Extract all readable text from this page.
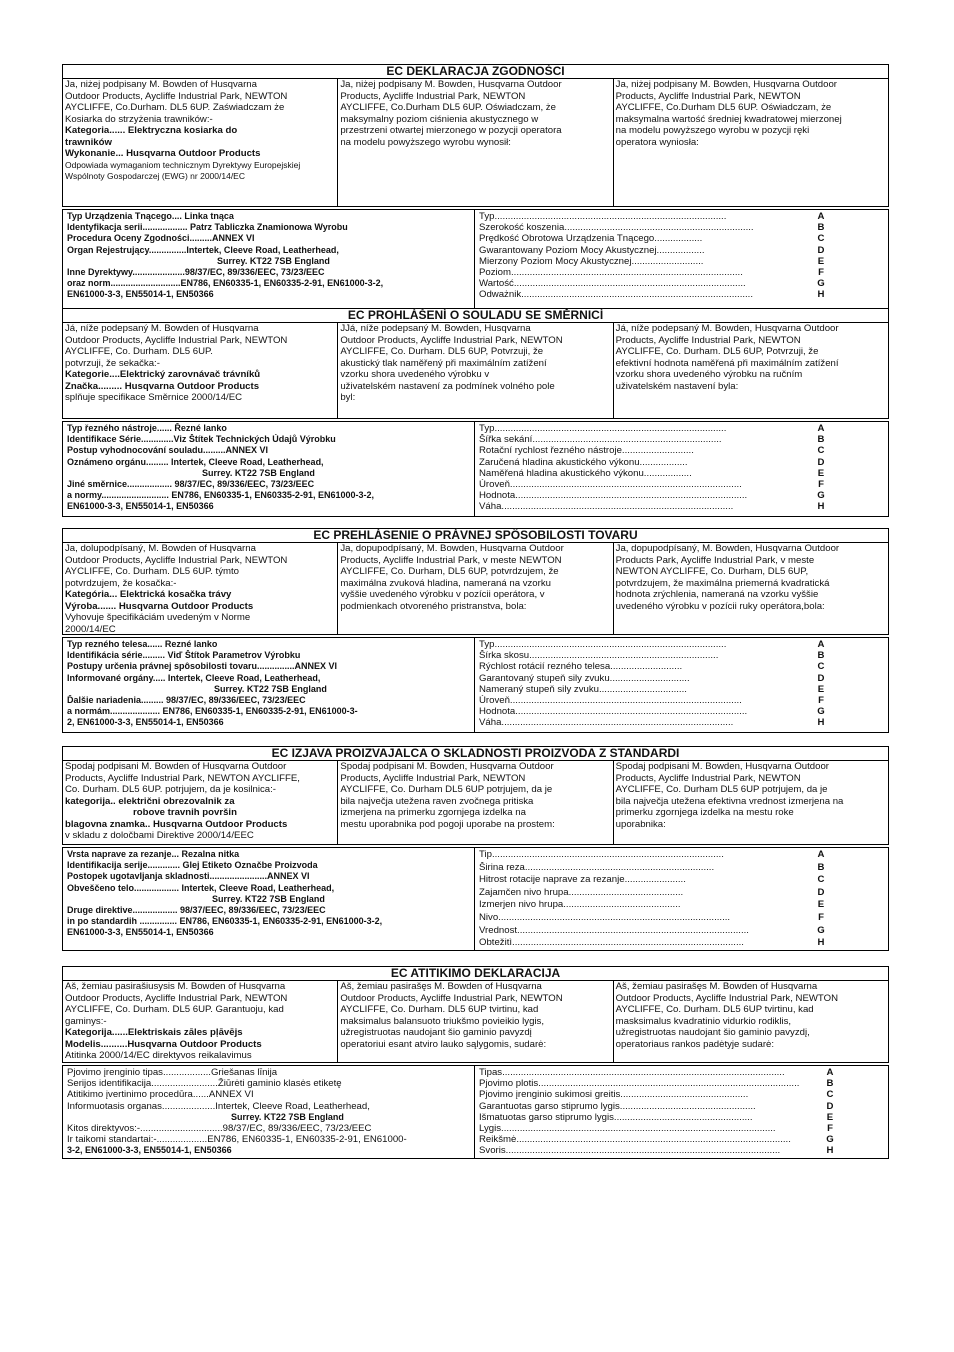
EC DEKLARACJA ZGODNOŚCI
Ja, niżej podpisany M. Bowden of Husqvarna
Outdoor Products, Aycliffe Industrial Park, NEWTON
AYCLIFFE, Co.Durham. DL5 6UP. Zaświadczam że
Kosiarka do strzyżenia trawników:-
Kategoria...... Elektryczna kosiarka do
trawników
Wykonanie... Husqvarna Outdoor Products
Odpowiada wymaganiom technicznym Dyrektywy Europejskiej
Wspólnoty Gospodarczej (EWG) nr 2000/14/EC
Ja, niżej podpisany M. Bowden, Husqvarna Outdoor
Products, Aycliffe Industrial Park, NEWTON
AYCLIFFE, Co.Durham DL5 6UP. Oświadczam, że
maksymalny poziom ciśnienia akustycznego w
przestrzeni otwartej mierzonego w pozycji operatora
na modelu powyższego wyrobu wynosił:
Ja, niżej podpisany M. Bowden, Husqvarna Outdoor
Products, Aycliffe Industrial Park, NEWTON
AYCLIFFE, Co.Durham DL5 6UP. Oświadczam, że
maksymalna wartość średniej kwadratowej mierzonej
na modelu powyższego wyrobu w pozycji ręki
operatora wyniosła:
Typ Urządzenia Tnącego.... Linka tnąca
Identyfikacja serii.................. Patrz Tabliczka Znamionowa Wyrobu
Procedura Oceny Zgodności.........ANNEX VI
Organ Rejestrujący...............Intertek, Cleeve Road, Leatherhead,
Surrey. KT22 7SB England
Inne Dyrektywy.....................98/37/EC, 89/336/EEC, 73/23/EEC
oraz norm............................EN786, EN60335-1, EN60335-2-91, EN61000-3-2,
EN61000-3-3, EN55014-1, EN50366
Typ.......................................................................................	A
Szerokość koszenia.......................................................................	B
Prędkość Obrotowa Urządzenia Tnącego..................	C
Gwarantowany Poziom Mocy Akustycznej..................	D
Mierzony Poziom Mocy Akustycznej...........................	E
Poziom.......................................................................................	F
Wartość.......................................................................................	G
Odważnik.......................................................................................	H
EC PROHLÁŠENÍ O SOULADU SE SMĚRNICÍ
Já, níže podepsaný M. Bowden of Husqvarna
Outdoor Products, Aycliffe Industrial Park, NEWTON
AYCLIFFE, Co. Durham. DL5 6UP.
potvrzuji, že sekačka:-
Kategorie....Elektrický zarovnávač trávníků
Značka......... Husqvarna Outdoor Products
splňuje specifikace Směrnice 2000/14/EC
JJá, níže podepsaný M. Bowden, Husqvarna
Outdoor Products, Aycliffe Industrial Park, NEWTON
AYCLIFFE, Co. Durham. DL5 6UP, Potvrzuji, že
akustický tlak naměřený při maximálním zatížení
vzorku shora uvedeného výrobku v
uživatelském nastavení za podmínek volného pole
byl:
Já, níže podepsaný M. Bowden, Husqvarna Outdoor
Products, Aycliffe Industrial Park, NEWTON
AYCLIFFE, Co. Durham. DL5 6UP, Potvrzuji, že
efektivní hodnota naměřená při maximálním zatížení
vzorku shora uvedeného výrobku na ručním
uživatelském nastavení byla:
Typ řezného nástroje...... Řezné lanko
Identifikace Série.............Viz Štítek Technických Údajů Výrobku
Postup vyhodnocování souladu.........ANNEX VI
Oznámeno orgánu......... Intertek, Cleeve Road, Leatherhead,
Surrey. KT22 7SB England
Jiné směrnice.................. 98/37/EC, 89/336/EEC, 73/23/EEC
a normy........................... EN786, EN60335-1, EN60335-2-91, EN61000-3-2,
EN61000-3-3, EN55014-1, EN50366
Typ.......................................................................................	A
Šířka sekání.......................................................................	B
Rotační rychlost řezného nástroje...........................	C
Zaručená hladina akustického výkonu..................	D
Naměřená hladina akustického výkonu..................	E
Úroveň.......................................................................................	F
Hodnota.......................................................................................	G
Váha.......................................................................................	H
EC PREHLÁSENIE O PRÁVNEJ SPÔSOBILOSTI TOVARU
Ja, dolupodpísaný, M. Bowden of Husqvarna
Outdoor Products, Aycliffe Industrial Park, NEWTON
AYCLIFFE, Co. Durham. DL5 6UP. týmto
potvrdzujem, že kosačka:-
Kategória... Elektrická kosačka trávy
Výroba....... Husqvarna Outdoor Products
Vyhovuje špecifikáciám uvedeným v Norme
2000/14/EC
Ja, dopupodpísaný, M. Bowden, Husqvarna Outdoor
Products, Aycliffe Industrial Park, v meste NEWTON
AYCLIFFE, Co. Durham, DL5 6UP, potvrdzujem, že
maximálna zvuková hladina, nameraná na vzorku
vyššie uvedeného výrobku v pozícii operátora, v
podmienkach otvoreného pristranstva, bola:
Ja, dopupodpísaný, M. Bowden, Husqvarna Outdoor
Products Park, Aycliffe Industrial Park, v meste
NEWTON AYCLIFFE, Co. Durham, DL5 6UP,
potvrdzujem, že maximálna priemerná kvadratická
hodnota zrýchlenia, nameraná na vzorku vyššie
uvedeného výrobku v pozícii ruky operátora,bola:
Typ rezného telesa...... Rezné lanko
Identifikácia série......... Viď Štítok Parametrov Výrobku
Postupy určenia právnej spôsobilosti tovaru...............ANNEX VI
Informované orgány..... Intertek, Cleeve Road, Leatherhead,
Surrey. KT22 7SB England
Ďalšie nariadenia......... 98/37/EC, 89/336/EEC, 73/23/EEC
a normám.................... EN786, EN60335-1, EN60335-2-91, EN61000-3-
2, EN61000-3-3, EN55014-1, EN50366
Typ.......................................................................................	A
Šírka skosu.......................................................................	B
Rýchlost rotácií rezného telesa...........................	C
Garantovaný stupeň sily zvuku..............................	D
Nameraný stupeň sily zvuku.................................	E
Úroveň.......................................................................................	F
Hodnota.......................................................................................	G
Váha.......................................................................................	H
EC IZJAVA PROIZVAJALCA O SKLADNOSTI PROIZVODA Z STANDARDI
Spodaj podpisani M. Bowden of Husqvarna Outdoor
Products, Aycliffe Industrial Park, NEWTON AYCLIFFE,
Co. Durham. DL5 6UP. potrjujem, da je kosilnica:-
kategorija.. električni obrezovalnik za
robove travnih površin
blagovna znamka.. Husqvarna Outdoor Products
v skladu z določbami Direktive 2000/14/EEC
Spodaj podpisani M. Bowden, Husqvarna Outdoor
Products, Aycliffe Industrial Park, NEWTON
AYCLIFFE, Co. Durham DL5 6UP potrjujem, da je
bila največja utežena raven zvočnega pritiska
izmerjena na primerku zgornjega izdelka na
mestu uporabnika pod pogoji uporabe na prostem:
Spodaj podpisani M. Bowden, Husqvarna Outdoor
Products, Aycliffe Industrial Park, NEWTON
AYCLIFFE, Co. Durham DL5 6UP potrjujem, da je
bila največja utežena efektivna vrednost izmerjena na
primerku zgornjega izdelka na mestu roke
uporabnika:
Vrsta naprave za rezanje... Rezalna nitka
Identifikacija serije............. Glej Etiketo Označbe Proizvoda
Postopek ugotavljanja skladnosti.......................ANNEX VI
Obveščeno telo.................. Intertek, Cleeve Road, Leatherhead,
Surrey. KT22 7SB England
Druge direktive.................. 98/37/EEC, 89/336/EEC, 73/23/EEC
in po standardih ............... EN786, EN60335-1, EN60335-2-91, EN61000-3-2,
EN61000-3-3, EN55014-1, EN50366
Tip.......................................................................................	A
Širina reza.......................................................................	B
Hitrost rotacije naprave za rezanje.......................	C
Zajamčen nivo hrupa...........................................	D
Izmerjen nivo hrupa............................................	E
Nivo.......................................................................................	F
Vrednost.......................................................................................	G
Obtežitì.......................................................................................	H
EC ATITIKIMO DEKLARACIJA
Aš, žemiau pasirašiusysis M. Bowden of Husqvarna
Outdoor Products, Aycliffe Industrial Park, NEWTON
AYCLIFFE, Co. Durham. DL5 6UP. Garantuoju, kad
gaminys:-
Kategorija......Elektriskais zāles pļāvējs
Modelis..........Husqvarna Outdoor Products
Atitinka 2000/14/EC direktyvos reikalavimus
Aš, žemiau pasirašęs M. Bowden of Husqvarna
Outdoor Products, Aycliffe Industrial Park, NEWTON
AYCLIFFE, Co. Durham. DL5 6UP tvirtinu, kad
maksimalus balansuoto triukšmo povieikio lygis,
užregistruotas naudojant šio gaminio pavyzdį
operatoriui esant atviro lauko sąlygomis, sudarė:
Aš, žemiau pasirašęs M. Bowden of Husqvarna
Outdoor Products, Aycliffe Industrial Park, NEWTON
AYCLIFFE, Co. Durham. DL5 6UP tvirtinu, kad
masksimalus kvadratinio vidurkio rodiklis,
užregistruotas naudojant šio gaminio pavyzdį,
operatoriaus rankos padėtyje sudarė:
Pjovimo įrenginio tipas..................Griešanas līnija
Serijos identifikacija.........................Žiūrėti gaminio klasės etiketę
Atitikimo įvertinimo procedūra......ANNEX VI
Informuotasis organas....................Intertek, Cleeve Road, Leatherhead,
Surrey. KT22 7SB England
Kitos direktyvos:-...............................98/37/EC, 89/336/EEC, 73/23/EEC
Ir taikomi standartai:-...................EN786, EN60335-1, EN60335-2-91, EN61000-
3-2, EN61000-3-3, EN55014-1, EN50366
Tipas..........................................................................................................	A
Pjovimo plotis..................................................................................................	B
Pjovimo įrenginio sukimosi greitis................................................	C
Garantuotas garso stiprumo lygis...................................................	D
Išmatuotas garso stiprumo lygis....................................................	E
Lygis.......................................................................................................	F
Reikšmė.......................................................................................................	G
Svoris.......................................................................................................	H
